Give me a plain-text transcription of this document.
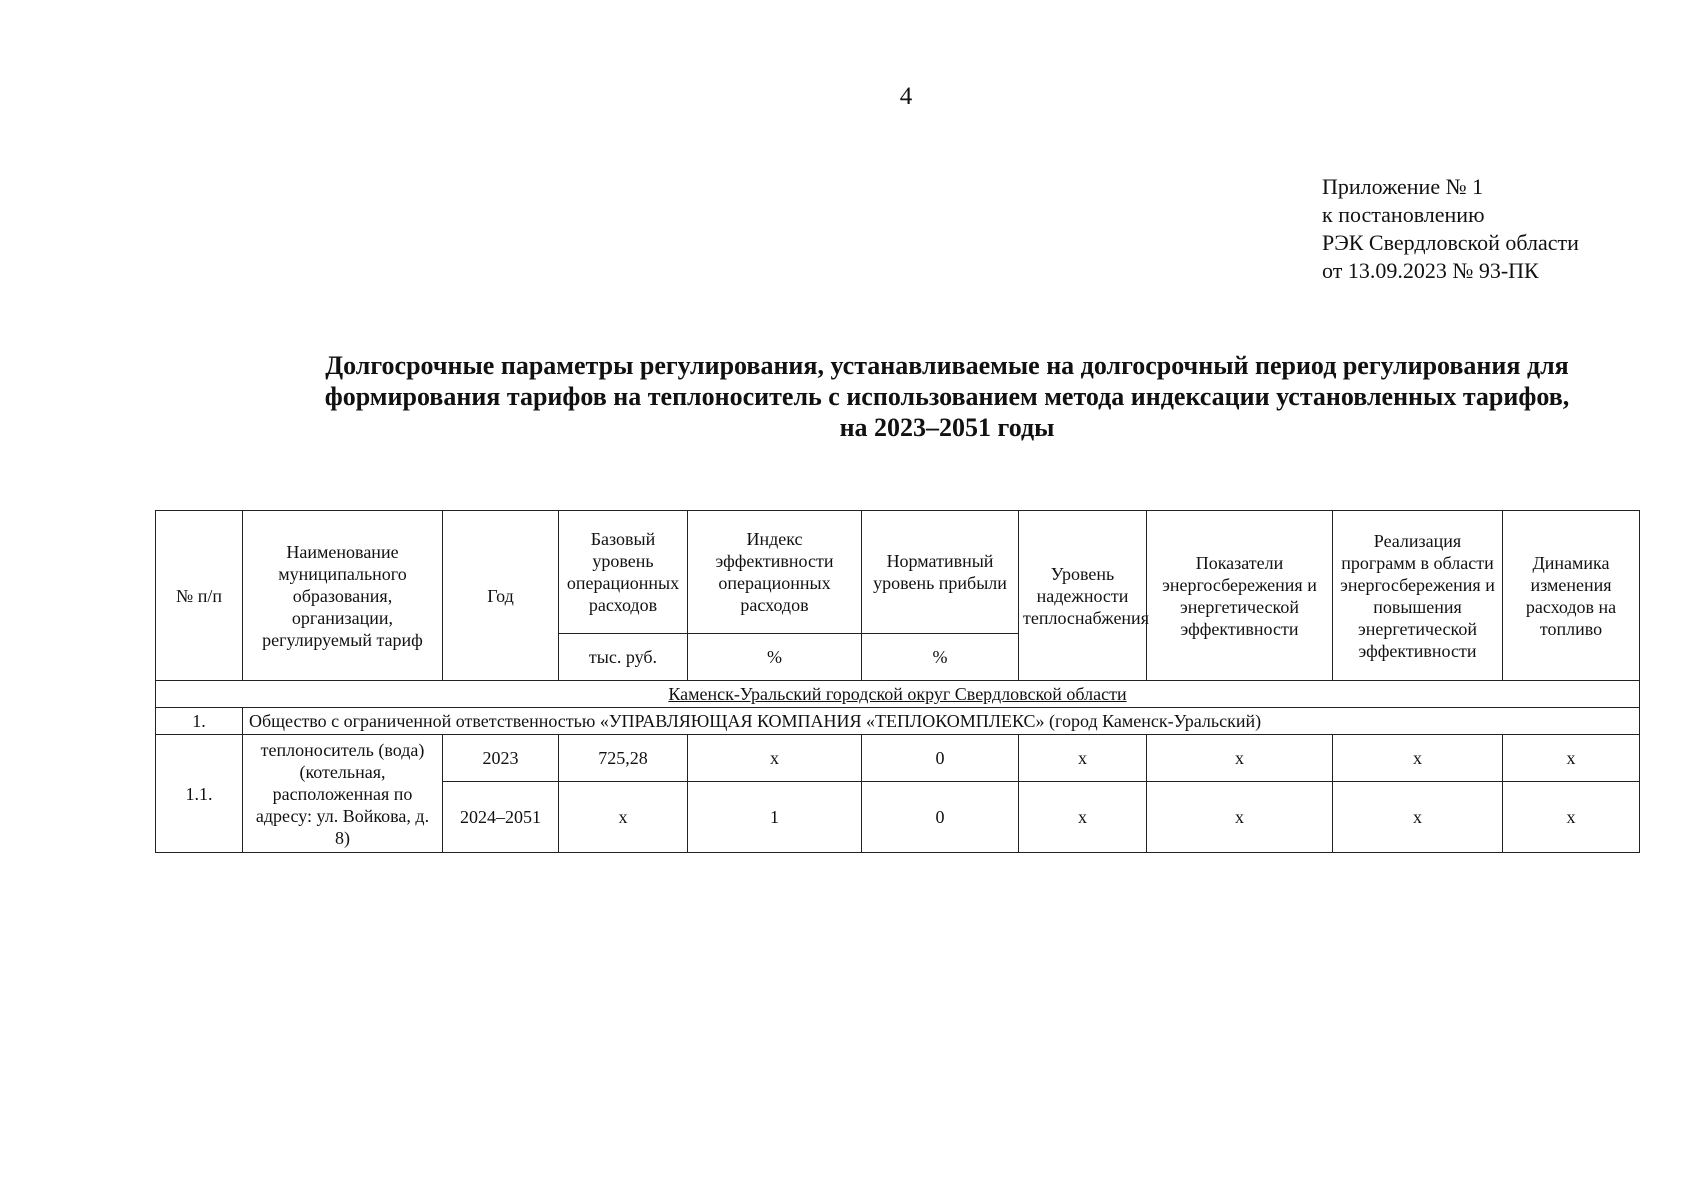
4
Приложение № 1
к постановлению
РЭК Свердловской области
от 13.09.2023 № 93-ПК
Долгосрочные параметры регулирования, устанавливаемые на долгосрочный период регулирования для
формирования тарифов на теплоноситель с использованием метода индексации установленных тарифов,
на 2023–2051 годы
№ п/п	Наименование муниципального образования, организации, регулируемый тариф	Год	Базовый уровень операционных расходов	Индекс эффективности операционных расходов	Нормативный уровень прибыли	Уровень надежности теплоснабжения	Показатели энергосбережения и энергетической эффективности	Реализация программ в области энергосбережения и повышения энергетической эффективности	Динамика изменения расходов на топливо
			тыс. руб.	%	%				
Каменск-Уральский городской округ Свердловской области									
1.	Общество с ограниченной ответственностью «УПРАВЛЯЮЩАЯ КОМПАНИЯ «ТЕПЛОКОМПЛЕКС» (город Каменск-Уральский)								
1.1.	теплоноситель (вода) (котельная, расположенная по адресу: ул. Войкова, д. 8)	2023	725,28	x	0	x	x	x	x
		2024–2051	x	1	0	x	x	x	x
